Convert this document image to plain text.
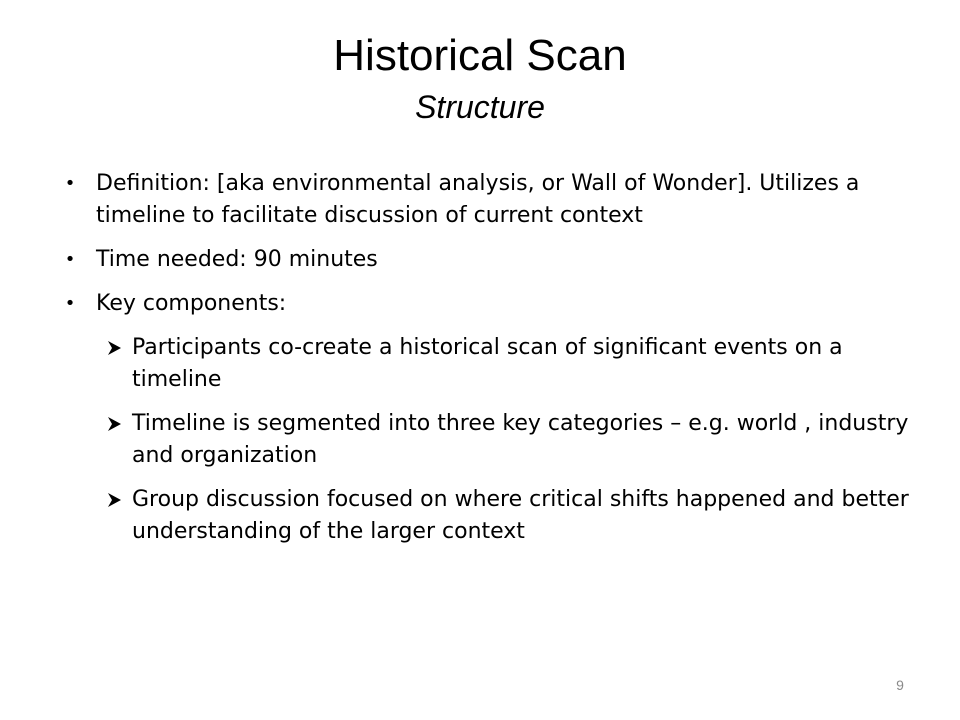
Historical Scan
Structure
• Definition: [aka environmental analysis, or Wall of Wonder]. Utilizes a timeline to facilitate discussion of current context
• Time needed: 90 minutes
• Key components:
Participants co-create a historical scan of significant events on a timeline
Timeline is segmented into three key categories – e.g. world , industry and organization
Group discussion focused on where critical shifts happened and better understanding of the larger context
9
